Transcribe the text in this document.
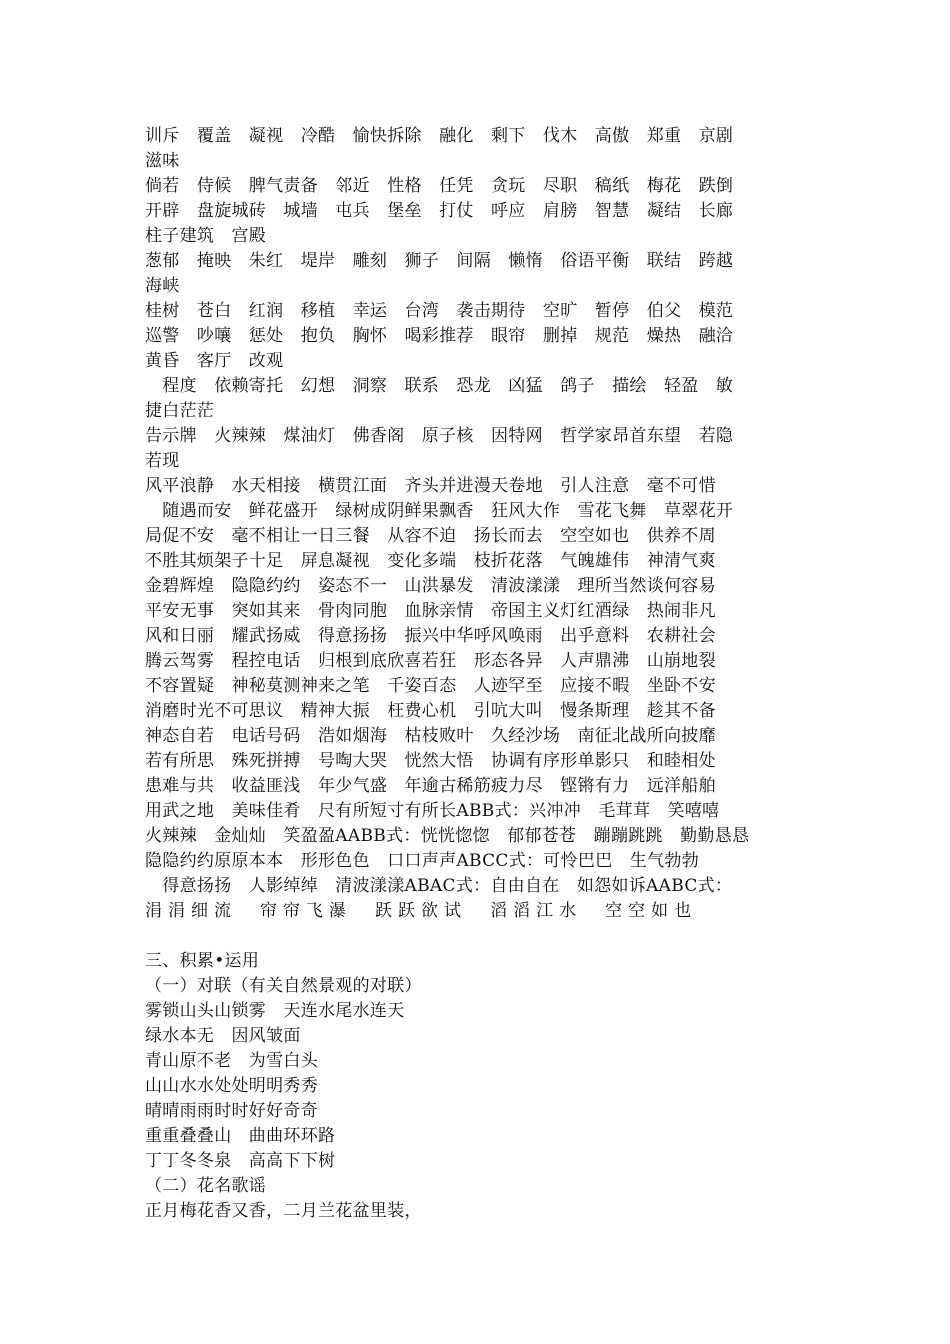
训斥　覆盖　凝视　冷酷　愉快拆除　融化　剩下　伐木　高傲　郑重　京剧
滋味
倘若　侍候　脾气责备　邻近　性格　任凭　贪玩　尽职　稿纸　梅花　跌倒
开辟　盘旋城砖　城墙　屯兵　堡垒　打仗　呼应　肩膀　智慧　凝结　长廊
柱子建筑　宫殿
葱郁　掩映　朱红　堤岸　雕刻　狮子　间隔　懒惰　俗语平衡　联结　跨越
海峡
桂树　苍白　红润　移植　幸运　台湾　袭击期待　空旷　暂停　伯父　模范
巡警　吵嚷　惩处　抱负　胸怀　喝彩推荐　眼帘　删掉　规范　燥热　融洽
黄昏　客厅　改观
　程度　依赖寄托　幻想　洞察　联系　恐龙　凶猛　鸽子　描绘　轻盈　敏
捷白茫茫
告示牌　火辣辣　煤油灯　佛香阁　原子核　因特网　哲学家昂首东望　若隐
若现
风平浪静　水天相接　横贯江面　齐头并进漫天卷地　引人注意　毫不可惜
　随遇而安　鲜花盛开　绿树成阴鲜果飘香　狂风大作　雪花飞舞　草翠花开
局促不安　毫不相让一日三餐　从容不迫　扬长而去　空空如也　供养不周
不胜其烦架子十足　屏息凝视　变化多端　枝折花落　气魄雄伟　神清气爽
金碧辉煌　隐隐约约　姿态不一　山洪暴发　清波漾漾　理所当然谈何容易
平安无事　突如其来　骨肉同胞　血脉亲情　帝国主义灯红酒绿　热闹非凡
风和日丽　耀武扬威　得意扬扬　振兴中华呼风唤雨　出乎意料　农耕社会
腾云驾雾　程控电话　归根到底欣喜若狂　形态各异　人声鼎沸　山崩地裂
不容置疑　神秘莫测神来之笔　千姿百态　人迹罕至　应接不暇　坐卧不安
消磨时光不可思议　精神大振　枉费心机　引吭大叫　慢条斯理　趁其不备
神态自若　电话号码　浩如烟海　枯枝败叶　久经沙场　南征北战所向披靡
若有所思　殊死拼搏　号啕大哭　恍然大悟　协调有序形单影只　和睦相处
患难与共　收益匪浅　年少气盛　年逾古稀筋疲力尽　铿锵有力　远洋船舶
用武之地　美味佳肴　尺有所短寸有所长ABB式：兴冲冲　毛茸茸　笑嘻嘻
火辣辣　金灿灿　笑盈盈AABB式：恍恍惚惚　郁郁苍苍　蹦蹦跳跳　勤勤恳恳
隐隐约约原原本本　形形色色　口口声声ABCC式：可怜巴巴　生气勃勃
　得意扬扬　人影绰绰　清波漾漾ABAC式：自由自在　如怨如诉AABC式：
涓 涓 细 流 　 帘 帘 飞 瀑 　 跃 跃 欲 试 　 滔 滔 江 水 　 空 空 如 也
三、积累•运用
（一）对联（有关自然景观的对联）
雾锁山头山锁雾　天连水尾水连天
绿水本无　因风皱面
青山原不老　为雪白头
山山水水处处明明秀秀
晴晴雨雨时时好好奇奇
重重叠叠山　曲曲环环路
丁丁冬冬泉　高高下下树
（二）花名歌谣
正月梅花香又香，二月兰花盆里装，
